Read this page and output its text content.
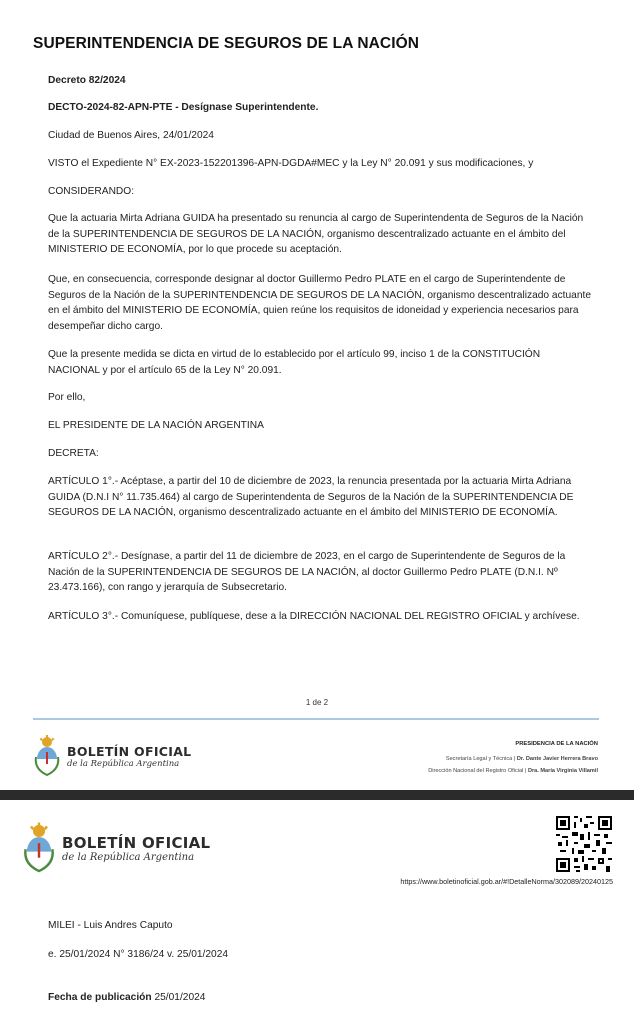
SUPERINTENDENCIA DE SEGUROS DE LA NACIÓN

Decreto 82/2024

DECTO-2024-82-APN-PTE - Desígnase Superintendente.

Ciudad de Buenos Aires, 24/01/2024

VISTO el Expediente N° EX-2023-152201396-APN-DGDA#MEC y la Ley N° 20.091 y sus modificaciones, y

CONSIDERANDO:

Que la actuaria Mirta Adriana GUIDA ha presentado su renuncia al cargo de Superintendenta de Seguros de la Nación de la SUPERINTENDENCIA DE SEGUROS DE LA NACIÓN, organismo descentralizado actuante en el ámbito del MINISTERIO DE ECONOMÍA, por lo que procede su aceptación.

Que, en consecuencia, corresponde designar al doctor Guillermo Pedro PLATE en el cargo de Superintendente de Seguros de la Nación de la SUPERINTENDENCIA DE SEGUROS DE LA NACIÓN, organismo descentralizado actuante en el ámbito del MINISTERIO DE ECONOMÍA, quien reúne los requisitos de idoneidad y experiencia necesarios para desempeñar dicho cargo.

Que la presente medida se dicta en virtud de lo establecido por el artículo 99, inciso 1 de la CONSTITUCIÓN NACIONAL y por el artículo 65 de la Ley N° 20.091.

Por ello,

EL PRESIDENTE DE LA NACIÓN ARGENTINA

DECRETA:

ARTÍCULO 1°.- Acéptase, a partir del 10 de diciembre de 2023, la renuncia presentada por la actuaria Mirta Adriana GUIDA (D.N.I N° 11.735.464) al cargo de Superintendenta de Seguros de la Nación de la SUPERINTENDENCIA DE SEGUROS DE LA NACIÓN, organismo descentralizado actuante en el ámbito del MINISTERIO DE ECONOMÍA.

ARTÍCULO 2°.- Desígnase, a partir del 11 de diciembre de 2023, en el cargo de Superintendente de Seguros de la Nación de la SUPERINTENDENCIA DE SEGUROS DE LA NACIÓN, al doctor Guillermo Pedro PLATE (D.N.I. Nº 23.473.166), con rango y jerarquía de Subsecretario.

ARTÍCULO 3°.- Comuníquese, publíquese, dese a la DIRECCIÓN NACIONAL DEL REGISTRO OFICIAL y archívese.

1 de 2
BOLETÍN OFICIAL
de la República Argentina
PRESIDENCIA DE LA NACIÓN
Secretaría Legal y Técnica | Dr. Dante Javier Herrera Bravo
Dirección Nacional del Registro Oficial | Dra. María Virginia Villamil
BOLETÍN OFICIAL
de la República Argentina

MILEI - Luis Andres Caputo

e. 25/01/2024 N° 3186/24 v. 25/01/2024

Fecha de publicación 25/01/2024

https://www.boletinoficial.gob.ar/#!DetalleNorma/302089/20240125
